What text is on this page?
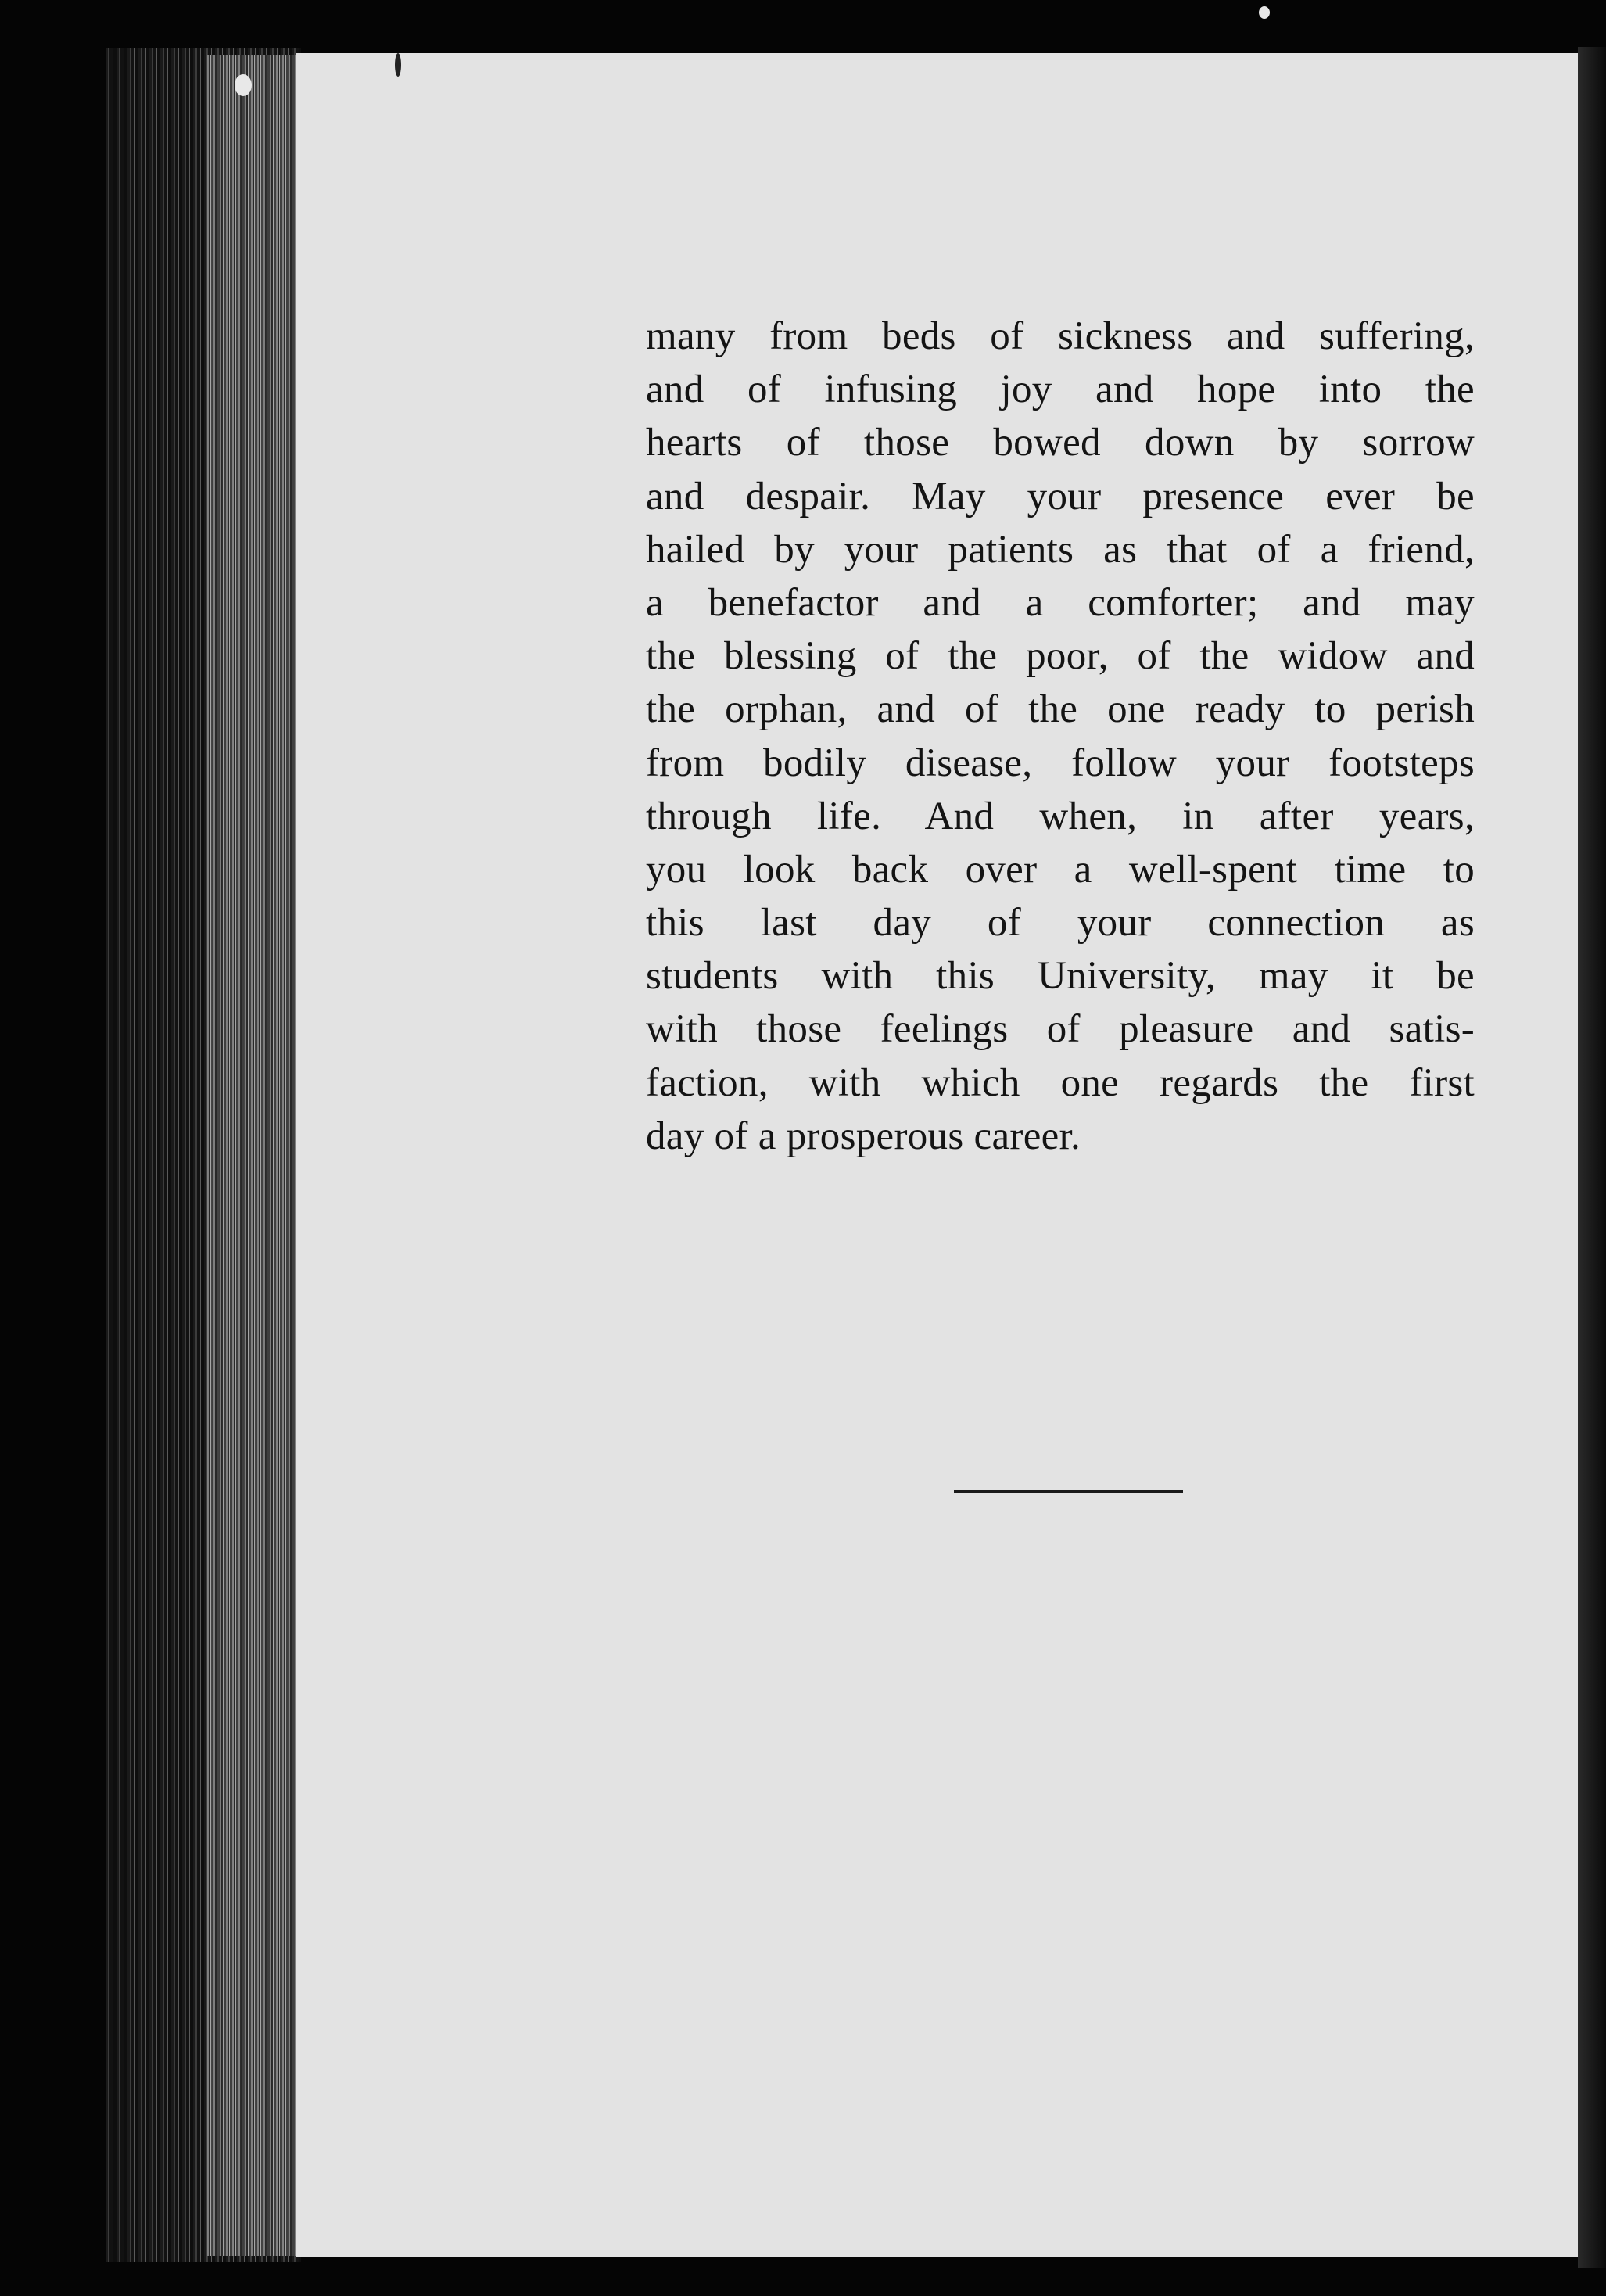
many from beds of sickness and suffering,
and of infusing joy and hope into the
hearts of those bowed down by sorrow
and despair. May your presence ever be
hailed by your patients as that of a friend,
a benefactor and a comforter; and may
the blessing of the poor, of the widow and
the orphan, and of the one ready to perish
from bodily disease, follow your footsteps
through life. And when, in after years,
you look back over a well-spent time to
this last day of your connection as
students with this University, may it be
with those feelings of pleasure and satis-
faction, with which one regards the first
day of a prosperous career.
